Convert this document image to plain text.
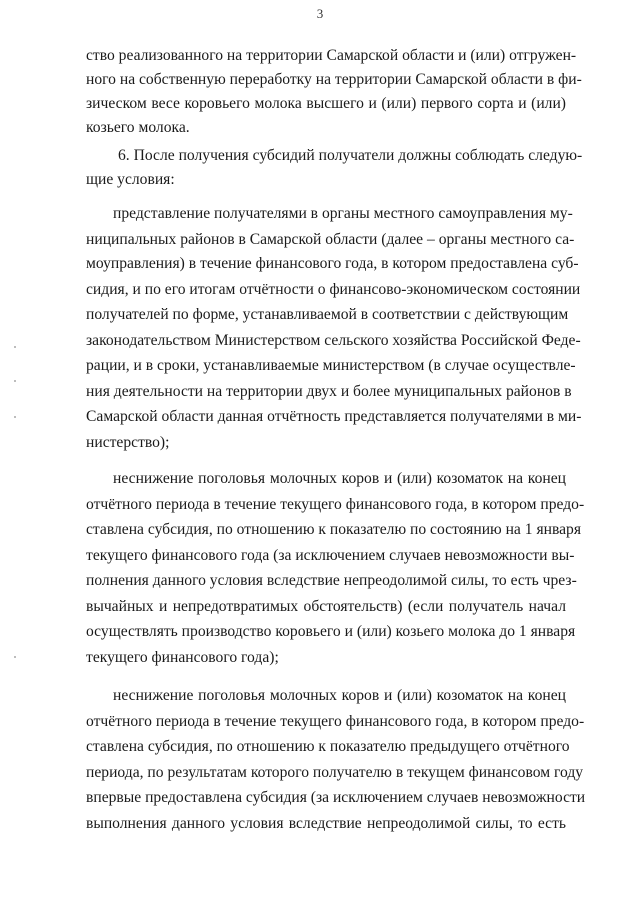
3
ство реализованного на территории Самарской области и (или) отгружен-
ного на собственную переработку на территории Самарской области в фи-
зическом весе коровьего молока высшего и (или) первого сорта и (или)
козьего молока.
6. После получения субсидий получатели должны соблюдать следую-
щие условия:
представление получателями в органы местного самоуправления му-
ниципальных районов в Самарской области (далее – органы местного са-
моуправления) в течение финансового года, в котором предоставлена суб-
сидия, и по его итогам отчётности о финансово-экономическом состоянии
получателей по форме, устанавливаемой в соответствии с действующим
законодательством Министерством сельского хозяйства Российской Феде-
рации, и в сроки, устанавливаемые министерством (в случае осуществле-
ния деятельности на территории двух и более муниципальных районов в
Самарской области данная отчётность представляется получателями в ми-
нистерство);
неснижение поголовья молочных коров и (или) козоматок на конец
отчётного периода в течение текущего финансового года, в котором предо-
ставлена субсидия, по отношению к показателю по состоянию на 1 января
текущего финансового года (за исключением случаев невозможности вы-
полнения данного условия вследствие непреодолимой силы, то есть чрез-
вычайных и непредотвратимых обстоятельств) (если получатель начал
осуществлять производство коровьего и (или) козьего молока до 1 января
текущего финансового года);
неснижение поголовья молочных коров и (или) козоматок на конец
отчётного периода в течение текущего финансового года, в котором предо-
ставлена субсидия, по отношению к показателю предыдущего отчётного
периода, по результатам которого получателю в текущем финансовом году
впервые предоставлена субсидия (за исключением случаев невозможности
выполнения данного условия вследствие непреодолимой силы, то есть
